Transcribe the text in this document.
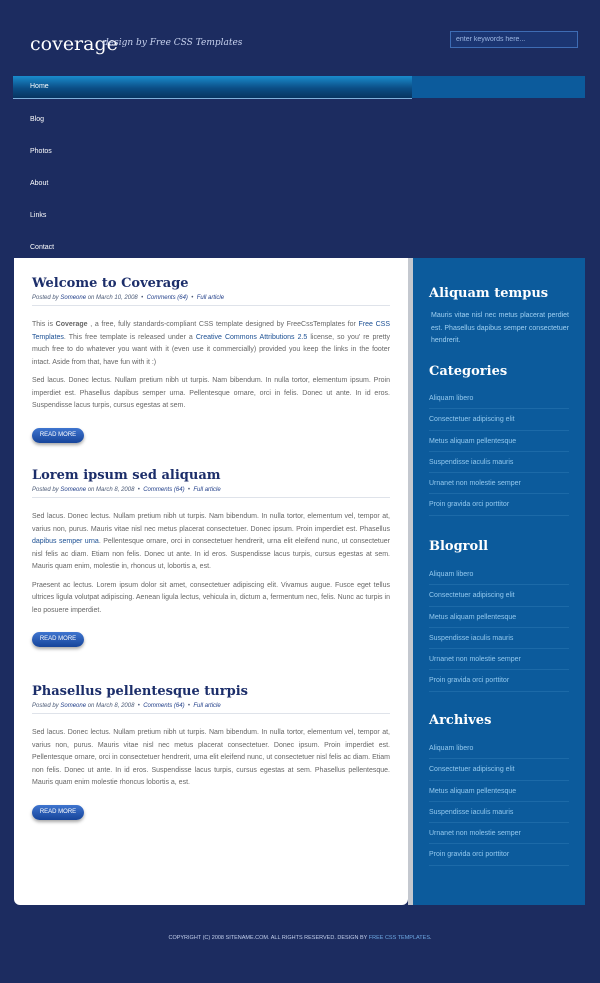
coverage
design by Free CSS Templates
enter keywords here...
Home
Blog
Photos
About
Links
Contact
Welcome to Coverage
Posted by Someone on March 10, 2008 • Comments (64) • Full article

This is Coverage , a free, fully standards-compliant CSS template designed by FreeCssTemplates for Free CSS Templates. This free template is released under a Creative Commons Attributions 2.5 license, so you' re pretty much free to do whatever you want with it (even use it commercially) provided you keep the links in the footer intact. Aside from that, have fun with it :)

Sed lacus. Donec lectus. Nullam pretium nibh ut turpis. Nam bibendum. In nulla tortor, elementum ipsum. Proin imperdiet est. Phasellus dapibus semper urna. Pellentesque ornare, orci in felis. Donec ut ante. In id eros. Suspendisse lacus turpis, cursus egestas at sem.

READ MORE
Lorem ipsum sed aliquam
Posted by Someone on March 8, 2008 • Comments (64) • Full article

Sed lacus. Donec lectus. Nullam pretium nibh ut turpis. Nam bibendum. In nulla tortor, elementum vel, tempor at, varius non, purus. Mauris vitae nisl nec metus placerat consectetuer. Donec ipsum. Proin imperdiet est. Phasellus dapibus semper urna. Pellentesque ornare, orci in consectetuer hendrerit, urna elit eleifend nunc, ut consectetuer nisl felis ac diam. Etiam non felis. Donec ut ante. In id eros. Suspendisse lacus turpis, cursus egestas at sem. Mauris quam enim, molestie in, rhoncus ut, lobortis a, est.

Praesent ac lectus. Lorem ipsum dolor sit amet, consectetuer adipiscing elit. Vivamus augue. Fusce eget tellus ultrices ligula volutpat adipiscing. Aenean ligula lectus, vehicula in, dictum a, fermentum nec, felis. Nunc ac turpis in leo posuere imperdiet.

READ MORE
Phasellus pellentesque turpis
Posted by Someone on March 8, 2008 • Comments (64) • Full article

Sed lacus. Donec lectus. Nullam pretium nibh ut turpis. Nam bibendum. In nulla tortor, elementum vel, tempor at, varius non, purus. Mauris vitae nisl nec metus placerat consectetuer. Donec ipsum. Proin imperdiet est. Pellentesque ornare, orci in consectetuer hendrerit, urna elit eleifend nunc, ut consectetuer nisl felis ac diam. Etiam non felis. Donec ut ante. In id eros. Suspendisse lacus turpis, cursus egestas at sem. Phasellus pellentesque. Mauris quam enim molestie rhoncus lobortis a, est.

READ MORE
Aliquam tempus

Mauris vitae nisl nec metus placerat perdiet est. Phasellus dapibus semper consectetuer hendrerit.

Categories
Aliquam libero
Consectetuer adipiscing elit
Metus aliquam pellentesque
Suspendisse iaculis mauris
Urnanet non molestie semper
Proin gravida orci porttitor
Blogroll
Aliquam libero
Consectetuer adipiscing elit
Metus aliquam pellentesque
Suspendisse iaculis mauris
Urnanet non molestie semper
Proin gravida orci porttitor
Archives
Aliquam libero
Consectetuer adipiscing elit
Metus aliquam pellentesque
Suspendisse iaculis mauris
Urnanet non molestie semper
Proin gravida orci porttitor
COPYRIGHT (C) 2008 SITENAME.COM. ALL RIGHTS RESERVED. DESIGN BY FREE CSS TEMPLATES.
